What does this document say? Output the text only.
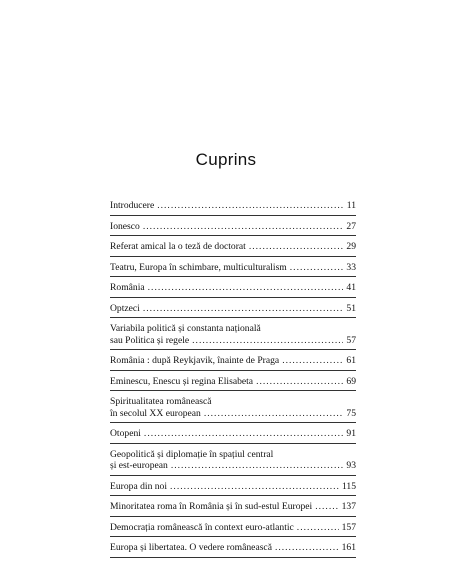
Cuprins
Introducere .....	11
Ionesco .....	27
Referat amical la o teză de doctorat .....	29
Teatru, Europa în schimbare, multiculturalism .....	33
România .....	41
Optzeci .....	51
Variabila politică și constanta națională
sau Politica și regele .....	57
România : după Reykjavik, înainte de Praga .....	61
Eminescu, Enescu și regina Elisabeta .....	69
Spiritualitatea românească
în secolul XX european .....	75
Otopeni .....	91
Geopolitică și diplomație în spațiul central
și est-european .....	93
Europa din noi .....	115
Minoritatea roma în România și în sud-estul Europei .....	137
Democrația românească în context euro-atlantic .....	157
Europa și libertatea. O vedere românească .....	161
